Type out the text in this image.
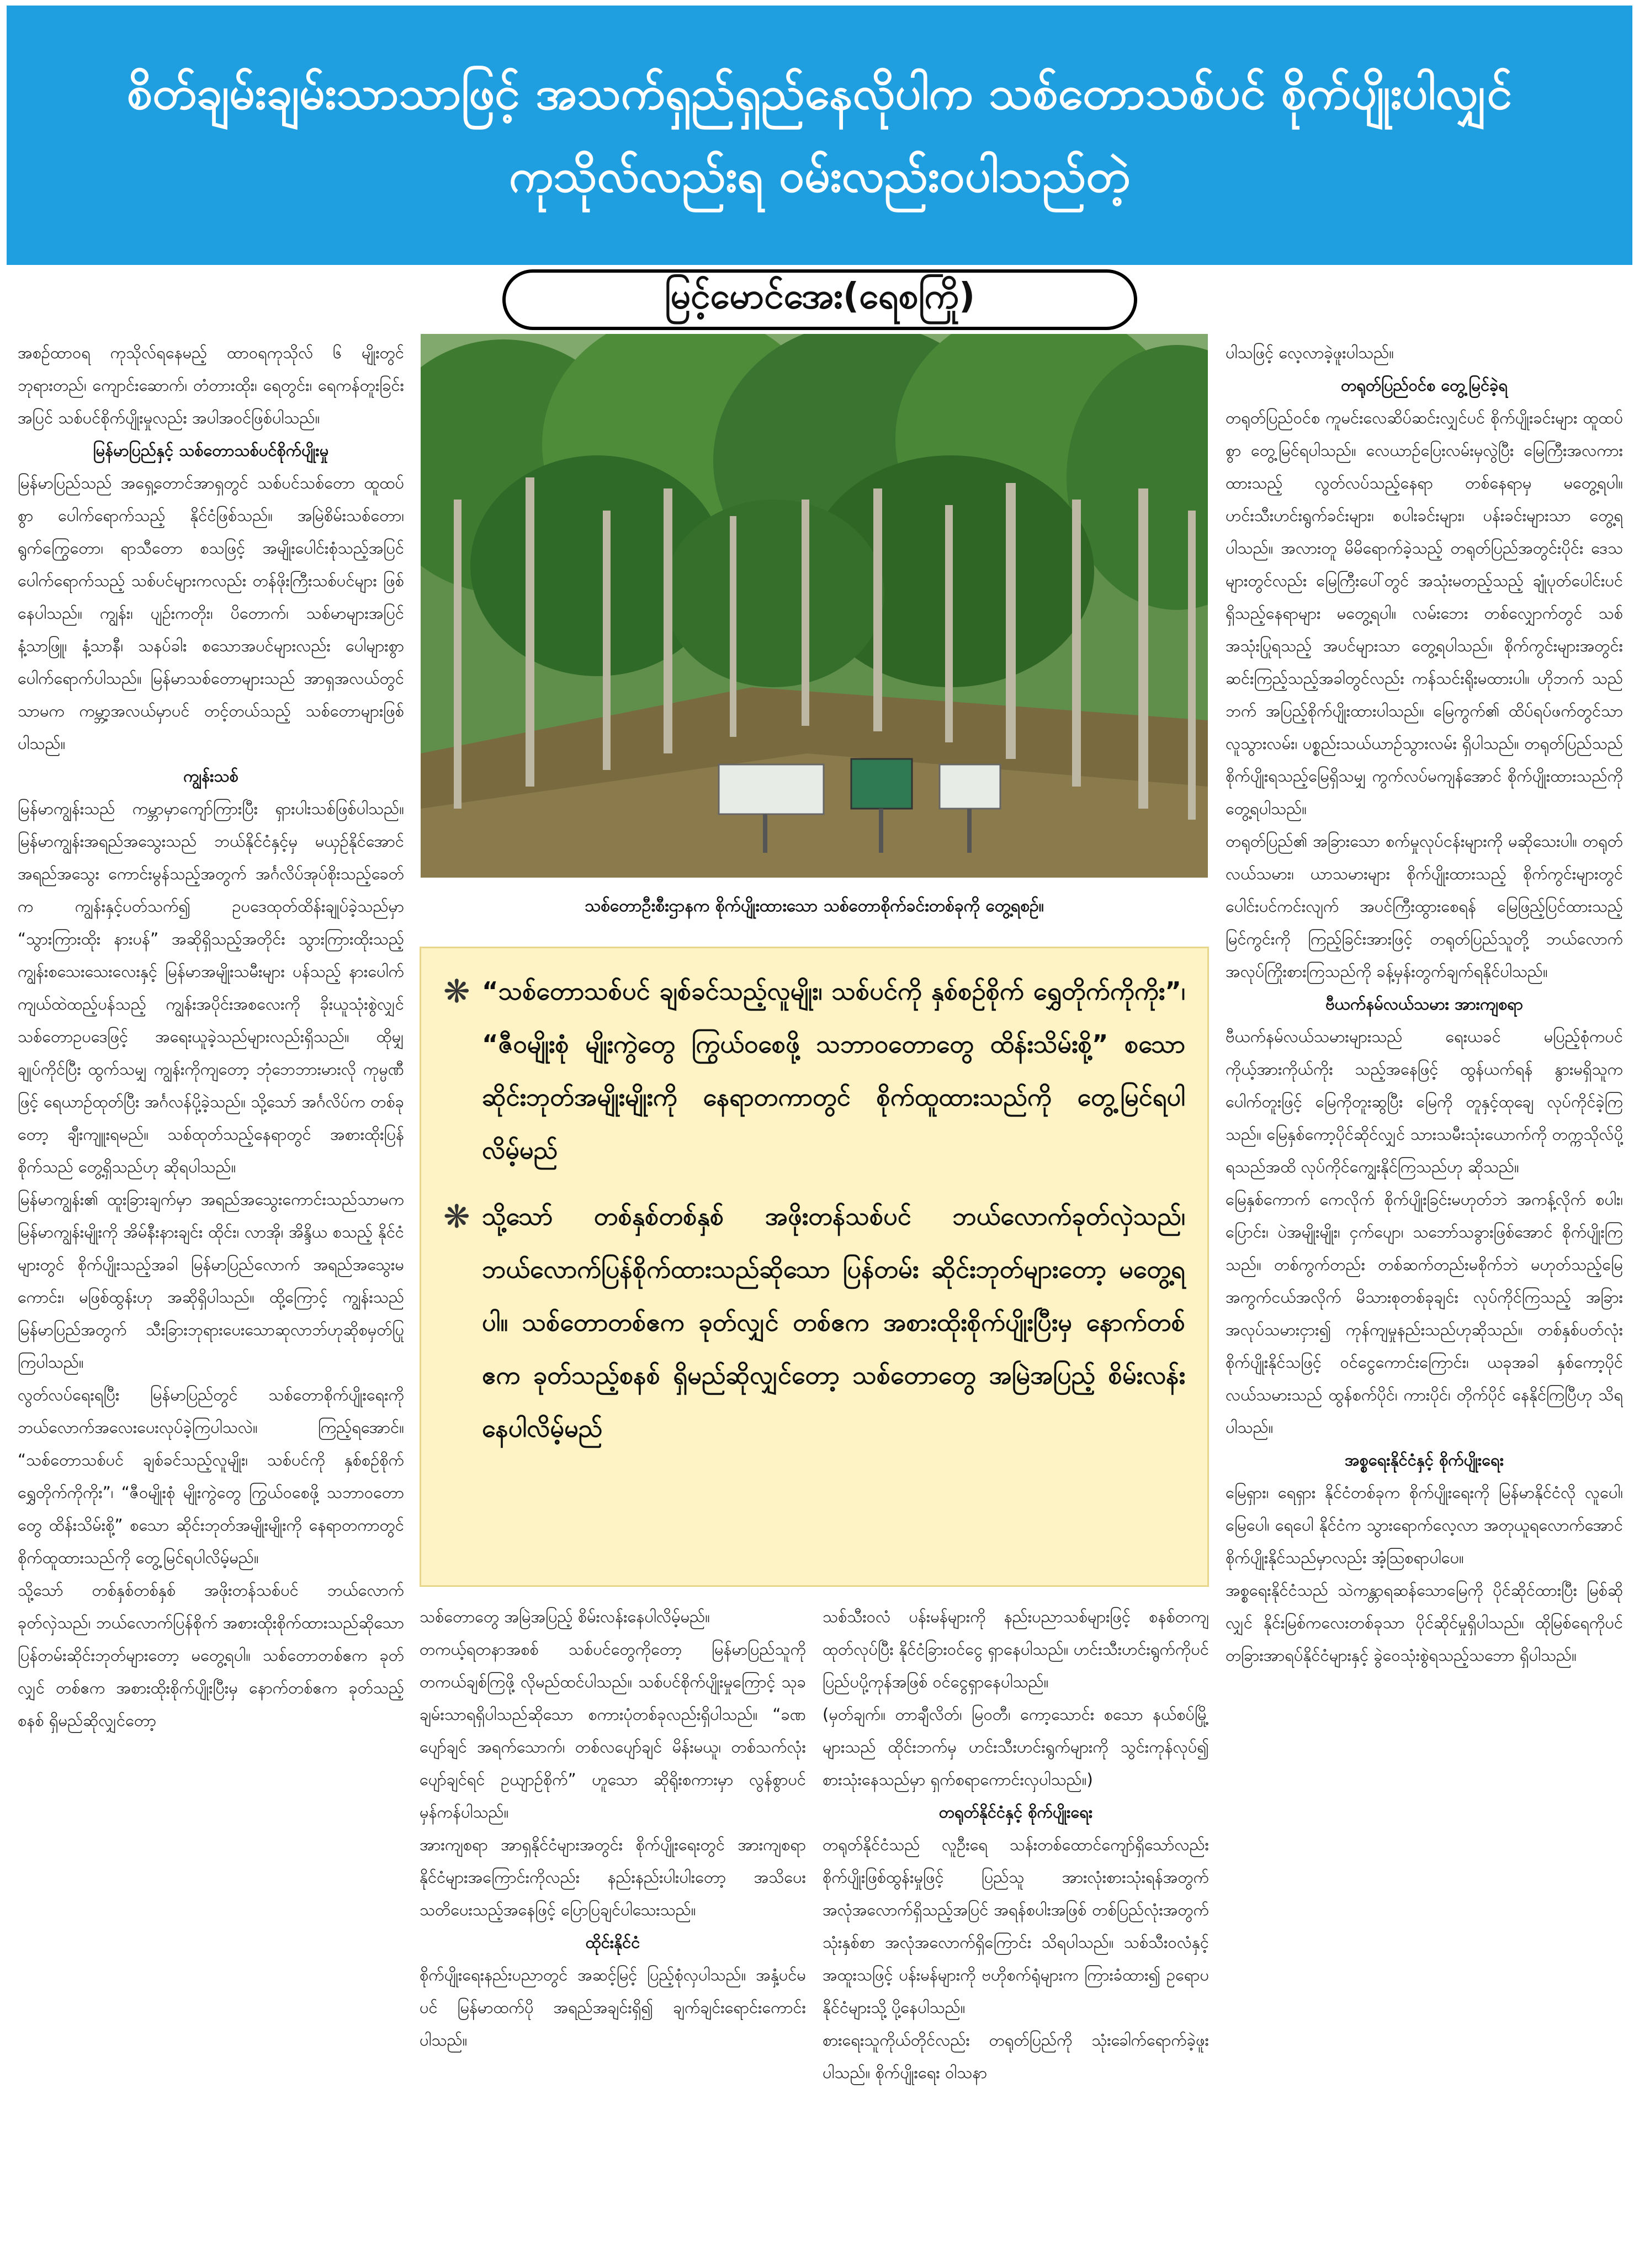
စိတ်ချမ်းချမ်းသာသာဖြင့် အသက်ရှည်ရှည်နေလိုပါက သစ်တောသစ်ပင် စိုက်ပျိုးပါလျှင်
ကုသိုလ်လည်းရ ဝမ်းလည်းဝပါသည်တဲ့
မြင့်မောင်အေး(ရေစကြို)

အစဉ်ထာဝရ ကုသိုလ်ရနေမည့် ထာဝရကုသိုလ် ၆ မျိုးတွင် ဘုရားတည်၊ ကျောင်းဆောက်၊ တံတားထိုး၊ ရေတွင်း၊ ရေကန်တူးခြင်းအပြင် သစ်ပင်စိုက်ပျိုးမှုလည်း အပါအဝင်ဖြစ်ပါသည်။

မြန်မာပြည်နှင့် သစ်တောသစ်ပင်စိုက်ပျိုးမှု

မြန်မာပြည်သည် အရှေ့တောင်အာရှတွင် သစ်ပင်သစ်တော ထူထပ်စွာ ပေါက်ရောက်သည့် နိုင်ငံဖြစ်သည်။ အမြဲစိမ်းသစ်တော၊ ရွက်ကြွေတော၊ ရာသီတော စသဖြင့် အမျိုးပေါင်းစုံသည့်အပြင် ပေါက်ရောက်သည့် သစ်ပင်များကလည်း တန်ဖိုးကြီးသစ်ပင်များ ဖြစ်နေပါသည်။ ကျွန်း၊ ပျဉ်းကတိုး၊ ပိတောက်၊ သစ်မာများအပြင် နံ့သာဖြူ၊ နံ့သာနီ၊ သနပ်ခါး စသောအပင်များလည်း ပေါများစွာ ပေါက်ရောက်ပါသည်။ မြန်မာသစ်တောများသည် အာရှအလယ်တွင်သာမက ကမ္ဘာ့အလယ်မှာပင် တင့်တယ်သည့် သစ်တောများဖြစ်ပါသည်။

ကျွန်းသစ်

မြန်မာကျွန်းသည် ကမ္ဘာမှာကျော်ကြားပြီး ရှားပါးသစ်ဖြစ်ပါသည်။ မြန်မာကျွန်းအရည်အသွေးသည် ဘယ်နိုင်ငံနှင့်မှ မယှဉ်နိုင်အောင် အရည်အသွေး ကောင်းမွန်သည့်အတွက် အင်္ဂလိပ်အုပ်စိုးသည့်ခေတ်က ကျွန်းနှင့်ပတ်သက်၍ ဥပဒေထုတ်ထိန်းချုပ်ခဲ့သည်မှာ “သွားကြားထိုး နားပန်” အဆိုရှိသည့်အတိုင်း သွားကြားထိုးသည့် ကျွန်းစသေးသေးလေးနှင့် မြန်မာအမျိုးသမီးများ ပန်သည့် နားပေါက်ကျယ်ထဲထည့်ပန်သည့် ကျွန်းအပိုင်းအစလေးကို ခိုးယူသုံးစွဲလျှင် သစ်တောဥပဒေဖြင့် အရေးယူခဲ့သည်များလည်းရှိသည်။ ထိုမျှချုပ်ကိုင်ပြီး ထွက်သမျှ ကျွန်းကိုကျတော့ ဘုံဘေဘားမားလို ကုမ္ပဏီဖြင့် ရေယာဉ်ထုတ်ပြီး အင်္ဂလန်ပို့ခဲ့သည်။ သို့သော် အင်္ဂလိပ်က တစ်ခုတော့ ချီးကျူးရမည်။ သစ်ထုတ်သည့်နေရာတွင် အစားထိုးပြန်စိုက်သည် တွေ့ရှိသည်ဟု ဆိုရပါသည်။

မြန်မာကျွန်း၏ ထူးခြားချက်မှာ အရည်အသွေးကောင်းသည်သာမက မြန်မာကျွန်းမျိုးကို အိမ်နီးနားချင်း ထိုင်း၊ လာအို၊ အိန္ဒိယ စသည့် နိုင်ငံများတွင် စိုက်ပျိုးသည့်အခါ မြန်မာပြည်လောက် အရည်အသွေးမကောင်း၊ မဖြစ်ထွန်းဟု အဆိုရှိပါသည်။ ထို့ကြောင့် ကျွန်းသည် မြန်မာပြည်အတွက် သီးခြားဘုရားပေးသောဆုလာဘ်ဟုဆိုစမှတ်ပြုကြပါသည်။

လွတ်လပ်ရေးရပြီး မြန်မာပြည်တွင် သစ်တောစိုက်ပျိုးရေးကို ဘယ်လောက်အလေးပေးလုပ်ခဲ့ကြပါသလဲ။ ကြည့်ရအောင်။ “သစ်တောသစ်ပင် ချစ်ခင်သည့်လူမျိုး၊ သစ်ပင်ကို နှစ်စဉ်စိုက် ရွှေတိုက်ကိုကိုး”၊ “ဇီဝမျိုးစုံ မျိုးကွဲတွေ ကြွယ်ဝစေဖို့ သဘာဝတောတွေ ထိန်းသိမ်းစို့” စသော ဆိုင်းဘုတ်အမျိုးမျိုးကို နေရာတကာတွင် စိုက်ထူထားသည်ကို တွေ့မြင်ရပါလိမ့်မည်။

သို့သော် တစ်နှစ်တစ်နှစ် အဖိုးတန်သစ်ပင် ဘယ်လောက်ခုတ်လှဲသည်၊ ဘယ်လောက်ပြန်စိုက် အစားထိုးစိုက်ထားသည်ဆိုသော ပြန်တမ်းဆိုင်းဘုတ်များတော့ မတွေ့ရပါ။ သစ်တောတစ်ဧက ခုတ်လျှင် တစ်ဧက အစားထိုးစိုက်ပျိုးပြီးမှ နောက်တစ်ဧက ခုတ်သည့်စနစ် ရှိမည်ဆိုလျှင်တော့

သစ်တောဦးစီးဌာနက စိုက်ပျိုးထားသော သစ်တောစိုက်ခင်းတစ်ခုကို တွေ့ရစဉ်။
❋ “သစ်တောသစ်ပင် ချစ်ခင်သည့်လူမျိုး၊ သစ်ပင်ကို နှစ်စဉ်စိုက် ရွှေတိုက်ကိုကိုး”၊ “ဇီဝမျိုးစုံ မျိုးကွဲတွေ ကြွယ်ဝစေဖို့ သဘာဝတောတွေ ထိန်းသိမ်းစို့” စသောဆိုင်းဘုတ်အမျိုးမျိုးကို နေရာတကာတွင် စိုက်ထူထားသည်ကို တွေ့မြင်ရပါလိမ့်မည်
❋ သို့သော် တစ်နှစ်တစ်နှစ် အဖိုးတန်သစ်ပင် ဘယ်လောက်ခုတ်လှဲသည်၊ ဘယ်လောက်ပြန်စိုက်ထားသည်ဆိုသော ပြန်တမ်း ဆိုင်းဘုတ်များတော့ မတွေ့ရပါ။ သစ်တောတစ်ဧက ခုတ်လျှင် တစ်ဧက အစားထိုးစိုက်ပျိုးပြီးမှ နောက်တစ်ဧက ခုတ်သည့်စနစ် ရှိမည်ဆိုလျှင်တော့ သစ်တောတွေ အမြဲအပြည့် စိမ်းလန်းနေပါလိမ့်မည်

သစ်တောတွေ အမြဲအပြည့် စိမ်းလန်းနေပါလိမ့်မည်။

တကယ့်ရတနာအစစ် သစ်ပင်တွေကိုတော့ မြန်မာပြည်သူကို တကယ်ချစ်ကြဖို့ လိုမည်ထင်ပါသည်။ သစ်ပင်စိုက်ပျိုးမှုကြောင့် သုခချမ်းသာရရှိပါသည်ဆိုသော စကားပုံတစ်ခုလည်းရှိပါသည်။ “ခဏပျော်ချင် အရက်သောက်၊ တစ်လပျော်ချင် မိန်းမယူ၊ တစ်သက်လုံးပျော်ချင်ရင် ဥယျာဉ်စိုက်” ဟူသော ဆိုရိုးစကားမှာ လွန်စွာပင် မှန်ကန်ပါသည်။

အားကျစရာ အာရှနိုင်ငံများအတွင်း စိုက်ပျိုးရေးတွင် အားကျစရာ နိုင်ငံများအကြောင်းကိုလည်း နည်းနည်းပါးပါးတော့ အသိပေး သတိပေးသည့်အနေဖြင့် ပြောပြချင်ပါသေးသည်။

ထိုင်းနိုင်ငံ

စိုက်ပျိုးရေးနည်းပညာတွင် အဆင့်မြင့် ပြည့်စုံလှပါသည်။ အနှံ့ပင်မပင် မြန်မာထက်ပို အရည်အချင်းရှိ၍ ချက်ချင်းရောင်းကောင်းပါသည်။

သစ်သီးဝလံ ပန်းမန်များကို နည်းပညာသစ်များဖြင့် စနစ်တကျထုတ်လုပ်ပြီး နိုင်ငံခြားဝင်ငွေ ရှာနေပါသည်။ ဟင်းသီးဟင်းရွက်ကိုပင် ပြည်ပပို့ကုန်အဖြစ် ဝင်ငွေရှာနေပါသည်။

(မှတ်ချက်။ တာချီလိတ်၊ မြဝတီ၊ ကော့သောင်း စသော နယ်စပ်မြို့များသည် ထိုင်းဘက်မှ ဟင်းသီးဟင်းရွက်များကို သွင်းကုန်လုပ်၍ စားသုံးနေသည်မှာ ရှက်စရာကောင်းလှပါသည်။)

တရုတ်နိုင်ငံနှင့် စိုက်ပျိုးရေး

တရုတ်နိုင်ငံသည် လူဦးရေ သန်းတစ်ထောင်ကျော်ရှိသော်လည်း စိုက်ပျိုးဖြစ်ထွန်းမှုဖြင့် ပြည်သူ အားလုံးစားသုံးရန်အတွက် အလုံအလောက်ရှိသည့်အပြင် အရန်စပါးအဖြစ် တစ်ပြည်လုံးအတွက် သုံးနှစ်စာ အလုံအလောက်ရှိကြောင်း သိရပါသည်။ သစ်သီးဝလံနှင့် အထူးသဖြင့် ပန်းမန်များကို ဗဟိုစက်ရုံများက ကြားခံထား၍ ဥရောပနိုင်ငံများသို့ ပို့နေပါသည်။

စားရေးသူကိုယ်တိုင်လည်း တရုတ်ပြည်ကို သုံးခေါက်ရောက်ခဲ့ဖူးပါသည်။ စိုက်ပျိုးရေး ဝါသနာ

ပါသဖြင့် လေ့လာခဲ့ဖူးပါသည်။

တရုတ်ပြည်ဝင်စ တွေ့မြင်ခဲ့ရ

တရုတ်ပြည်ဝင်စ ကူမင်းလေဆိပ်ဆင်းလျှင်ပင် စိုက်ပျိုးခင်းများ ထူထပ်စွာ တွေ့မြင်ရပါသည်။ လေယာဉ်ပြေးလမ်းမှလွဲပြီး မြေကြီးအလကားထားသည့် လွတ်လပ်သည့်နေရာ တစ်နေရာမှ မတွေ့ရပါ။ ဟင်းသီးဟင်းရွက်ခင်းများ၊ စပါးခင်းများ၊ ပန်းခင်းများသာ တွေ့ရပါသည်။ အလားတူ မိမိရောက်ခဲ့သည့် တရုတ်ပြည်အတွင်းပိုင်း ဒေသများတွင်လည်း မြေကြီးပေါ်တွင် အသုံးမတည့်သည့် ချုံပုတ်ပေါင်းပင် ရှိသည့်နေရာများ မတွေ့ရပါ။ လမ်းဘေး တစ်လျှောက်တွင် သစ်အသုံးပြုရသည့် အပင်များသာ တွေ့ရပါသည်။ စိုက်ကွင်းများအတွင်း ဆင်းကြည့်သည့်အခါတွင်လည်း ကန်သင်းရိုးမထားပါ။ ဟိုဘက် သည်ဘက် အပြည့်စိုက်ပျိုးထားပါသည်။ မြေကွက်၏ ထိပ်ရပ်ဖက်တွင်သာ လူသွားလမ်း၊ ပစ္စည်းသယ်ယာဉ်သွားလမ်း ရှိပါသည်။ တရုတ်ပြည်သည် စိုက်ပျိုးရသည့်မြေရှိသမျှ ကွက်လပ်မကျန်အောင် စိုက်ပျိုးထားသည်ကို တွေ့ရပါသည်။

တရုတ်ပြည်၏ အခြားသော စက်မှုလုပ်ငန်းများကို မဆိုသေးပါ။ တရုတ်လယ်သမား၊ ယာသမားများ စိုက်ပျိုးထားသည့် စိုက်ကွင်းများတွင် ပေါင်းပင်ကင်းလျက် အပင်ကြီးထွားစေရန် မြေဖြည့်ပြင်ထားသည့် မြင်ကွင်းကို ကြည့်ခြင်းအားဖြင့် တရုတ်ပြည်သူတို့ ဘယ်လောက်အလုပ်ကြိုးစားကြသည်ကို ခန့်မှန်းတွက်ချက်ရနိုင်ပါသည်။

ဗီယက်နမ်လယ်သမား အားကျစရာ

ဗီယက်နမ်လယ်သမားများသည် ရေးယခင် မပြည့်စုံကပင် ကိုယ့်အားကိုယ်ကိုး သည့်အနေဖြင့် ထွန်ယက်ရန် နွားမရှိသူက ပေါက်တူးဖြင့် မြေကိုတူးဆွပြီး မြေကို တူနှင့်ထုချေ လုပ်ကိုင်ခဲ့ကြသည်။ မြေနှစ်ကော့ပိုင်ဆိုင်လျှင် သားသမီးသုံးယောက်ကို တက္ကသိုလ်ပို့ရသည်အထိ လုပ်ကိုင်ကျွေးနိုင်ကြသည်ဟု ဆိုသည်။

မြေနှစ်ကောက် ကေလိုက် စိုက်ပျိုးခြင်းမဟုတ်ဘဲ အကန့်လိုက် စပါး၊ ပြောင်း၊ ပဲအမျိုးမျိုး၊ ငှက်ပျော၊ သဘော်သခွားဖြစ်အောင် စိုက်ပျိုးကြသည်။ တစ်ကွက်တည်း တစ်ဆက်တည်းမစိုက်ဘဲ မဟုတ်သည့်မြေ အကွက်ငယ်အလိုက် မိသားစုတစ်ခုချင်း လုပ်ကိုင်ကြသည့် အခြားအလုပ်သမားငှား၍ ကုန်ကျမှုနည်းသည်ဟုဆိုသည်။ တစ်နှစ်ပတ်လုံး စိုက်ပျိုးနိုင်သဖြင့် ဝင်ငွေကောင်းကြောင်း၊ ယခုအခါ နှစ်ကော့ပိုင် လယ်သမားသည် ထွန်စက်ပိုင်၊ ကားပိုင်၊ တိုက်ပိုင် နေနိုင်ကြပြီဟု သိရပါသည်။

အစ္စရေးနိုင်ငံနှင့် စိုက်ပျိုးရေး

မြေရှား၊ ရေရှား နိုင်ငံတစ်ခုက စိုက်ပျိုးရေးကို မြန်မာနိုင်ငံလို လူပေါ၊ မြေပေါ၊ ရေပေါ နိုင်ငံက သွားရောက်လေ့လာ အတုယူရလောက်အောင် စိုက်ပျိုးနိုင်သည်မှာလည်း အံ့ဩစရာပါပေ။

အစ္စရေးနိုင်ငံသည် သဲကန္တာရဆန်သောမြေကို ပိုင်ဆိုင်ထားပြီး မြစ်ဆိုလျှင် နိုင်းမြစ်ကလေးတစ်ခုသာ ပိုင်ဆိုင်မှုရှိပါသည်။ ထိုမြစ်ရေကိုပင် တခြားအာရပ်နိုင်ငံများနှင့် ခွဲဝေသုံးစွဲရသည့်သဘော ရှိပါသည်။
